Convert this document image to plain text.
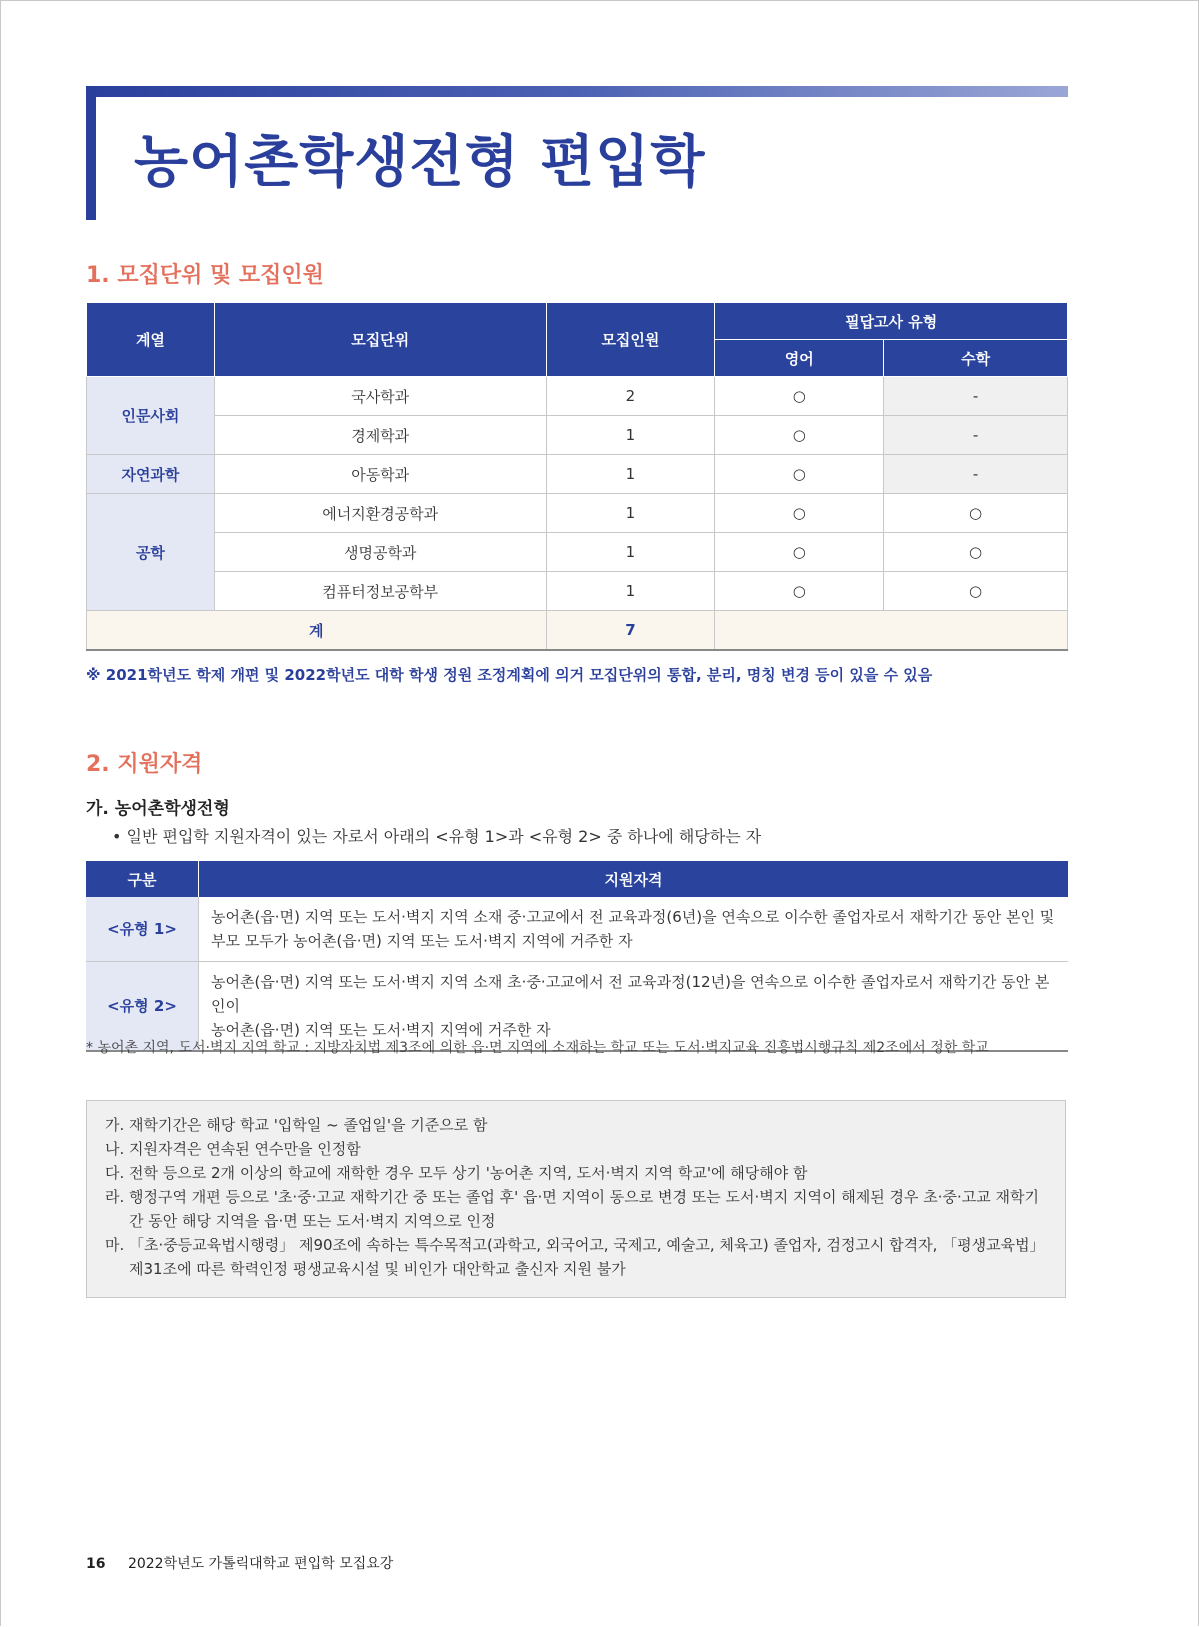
농어촌학생전형 편입학
1. 모집단위 및 모집인원
계열	모집단위	모집인원	필답고사 유형	
			영어	수학
인문사회	국사학과	2	○	-
	경제학과	1	○	-
자연과학	아동학과	1	○	-
공학	에너지환경공학과	1	○	○
	생명공학과	1	○	○
	컴퓨터정보공학부	1	○	○
계		7		
※ 2021학년도 학제 개편 및 2022학년도 대학 학생 정원 조정계획에 의거 모집단위의 통합, 분리, 명칭 변경 등이 있을 수 있음
2. 지원자격
가. 농어촌학생전형
• 일반 편입학 지원자격이 있는 자로서 아래의 <유형 1>과 <유형 2> 중 하나에 해당하는 자
구분	지원자격
<유형 1>	농어촌(읍·면) 지역 또는 도서·벽지 지역 소재 중·고교에서 전 교육과정(6년)을 연속으로 이수한 졸업자로서 재학기간 동안 본인 및
부모 모두가 농어촌(읍·면) 지역 또는 도서·벽지 지역에 거주한 자

<유형 2>	농어촌(읍·면) 지역 또는 도서·벽지 지역 소재 초·중·고교에서 전 교육과정(12년)을 연속으로 이수한 졸업자로서 재학기간 동안 본인이
농어촌(읍·면) 지역 또는 도서·벽지 지역에 거주한 자
* 농어촌 지역, 도서·벽지 지역 학교 : 지방자치법 제3조에 의한 읍·면 지역에 소재하는 학교 또는 도서·벽지교육 진흥법시행규칙 제2조에서 정한 학교
가. 재학기간은 해당 학교 '입학일 ~ 졸업일'을 기준으로 함
나. 지원자격은 연속된 연수만을 인정함
다. 전학 등으로 2개 이상의 학교에 재학한 경우 모두 상기 '농어촌 지역, 도서·벽지 지역 학교'에 해당해야 함
라. 행정구역 개편 등으로 '초·중·고교 재학기간 중 또는 졸업 후' 읍·면 지역이 동으로 변경 또는 도서·벽지 지역이 해제된 경우 초·중·고교 재학기간 동안 해당 지역을 읍·면 또는 도서·벽지 지역으로 인정
마. 「초·중등교육법시행령」 제90조에 속하는 특수목적고(과학고, 외국어고, 국제고, 예술고, 체육고) 졸업자, 검정고시 합격자, 「평생교육법」 제31조에 따른 학력인정 평생교육시설 및 비인가 대안학교 출신자 지원 불가
16 2022학년도 가톨릭대학교 편입학 모집요강
